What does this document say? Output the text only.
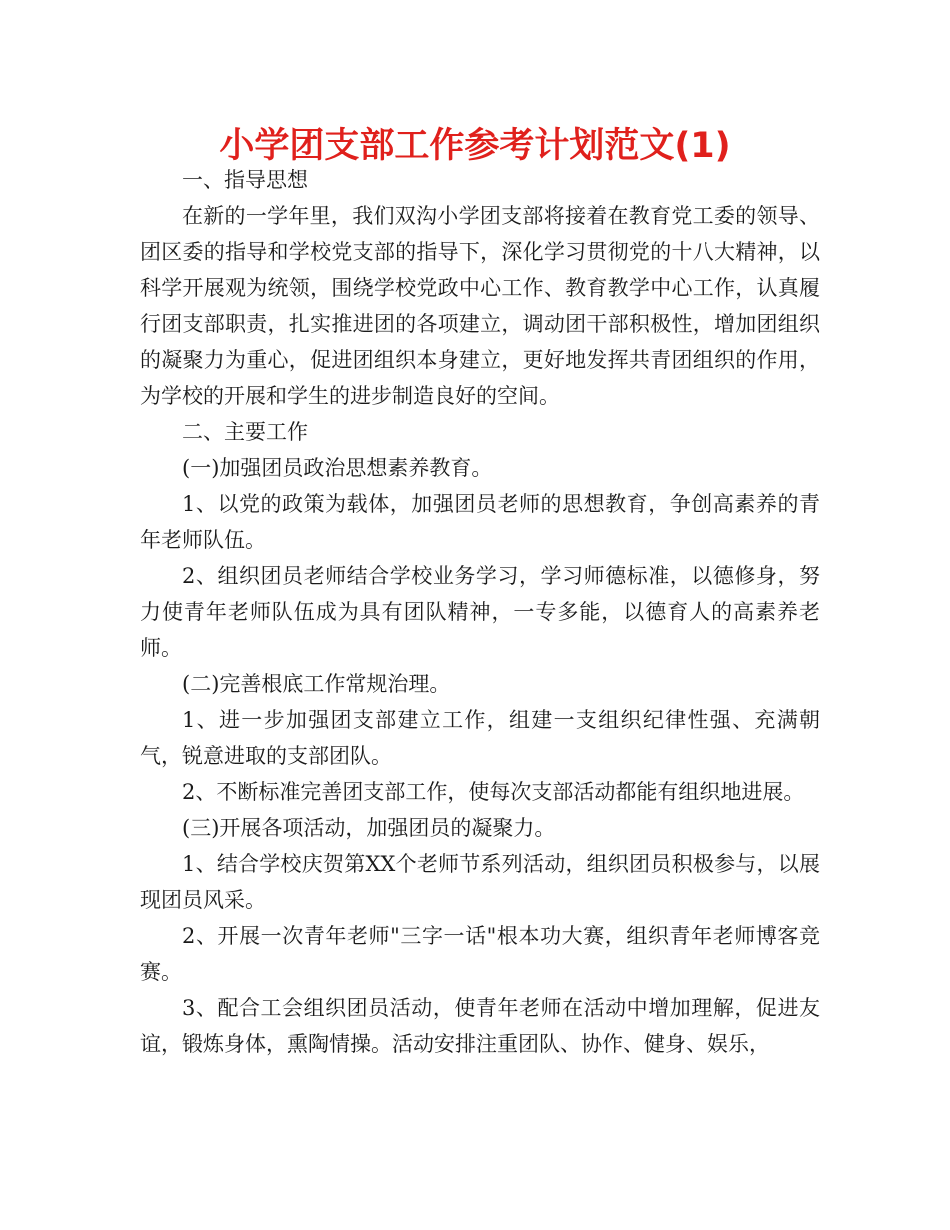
小学团支部工作参考计划范文(1)

一、指导思想

在新的一学年里，我们双沟小学团支部将接着在教育党工委的领导、团区委的指导和学校党支部的指导下，深化学习贯彻党的十八大精神，以科学开展观为统领，围绕学校党政中心工作、教育教学中心工作，认真履行团支部职责，扎实推进团的各项建立，调动团干部积极性，增加团组织的凝聚力为重心，促进团组织本身建立，更好地发挥共青团组织的作用，为学校的开展和学生的进步制造良好的空间。

二、主要工作

(一)加强团员政治思想素养教育。

1、以党的政策为载体，加强团员老师的思想教育，争创高素养的青年老师队伍。

2、组织团员老师结合学校业务学习，学习师德标准，以德修身，努力使青年老师队伍成为具有团队精神，一专多能，以德育人的高素养老师。

(二)完善根底工作常规治理。

1、进一步加强团支部建立工作，组建一支组织纪律性强、充满朝气，锐意进取的支部团队。

2、不断标准完善团支部工作，使每次支部活动都能有组织地进展。

(三)开展各项活动，加强团员的凝聚力。

1、结合学校庆贺第XX个老师节系列活动，组织团员积极参与，以展现团员风采。

2、开展一次青年老师"三字一话"根本功大赛，组织青年老师博客竞赛。

3、配合工会组织团员活动，使青年老师在活动中增加理解，促进友谊，锻炼身体，熏陶情操。活动安排注重团队、协作、健身、娱乐，
